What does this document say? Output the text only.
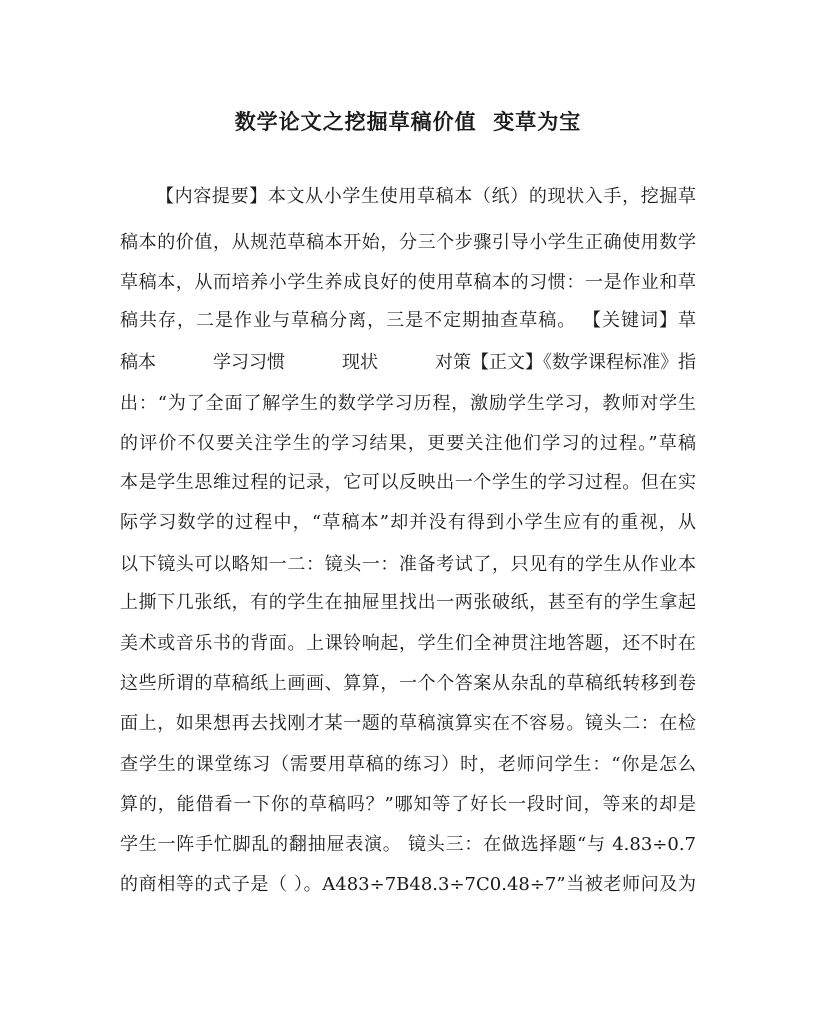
数学论文之挖掘草稿价值  变草为宝
【内容提要】本文从小学生使用草稿本（纸）的现状入手，挖掘草
稿本的价值，从规范草稿本开始，分三个步骤引导小学生正确使用数学
草稿本，从而培养小学生养成良好的使用草稿本的习惯：一是作业和草
稿共存，二是作业与草稿分离，三是不定期抽查草稿。 【关键词】草
稿本	学习习惯	现状	对策【正文】《数学课程标准》指
出：“为了全面了解学生的数学学习历程，激励学生学习，教师对学生
的评价不仅要关注学生的学习结果，更要关注他们学习的过程。”草稿
本是学生思维过程的记录，它可以反映出一个学生的学习过程。但在实
际学习数学的过程中，“草稿本”却并没有得到小学生应有的重视，从
以下镜头可以略知一二：镜头一：准备考试了，只见有的学生从作业本
上撕下几张纸，有的学生在抽屉里找出一两张破纸，甚至有的学生拿起
美术或音乐书的背面。上课铃响起，学生们全神贯注地答题，还不时在
这些所谓的草稿纸上画画、算算，一个个答案从杂乱的草稿纸转移到卷
面上，如果想再去找刚才某一题的草稿演算实在不容易。镜头二：在检
查学生的课堂练习（需要用草稿的练习）时，老师问学生：“你是怎么
算的，能借看一下你的草稿吗？”哪知等了好长一段时间，等来的却是
学生一阵手忙脚乱的翻抽屉表演。 镜头三：在做选择题“与 4.83÷0.7
的商相等的式子是（ ）。A483÷7B48.3÷7C0.48÷7”当被老师问及为
